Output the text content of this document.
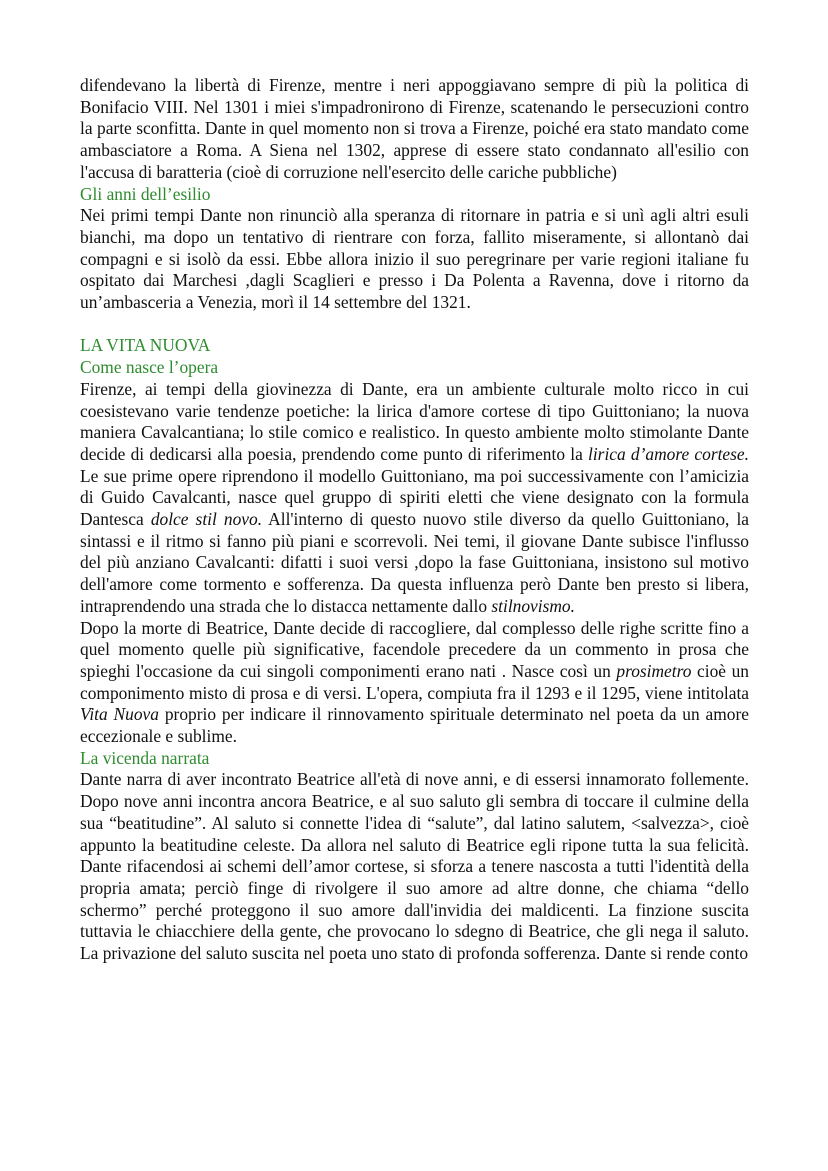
difendevano la libertà di Firenze, mentre i neri appoggiavano sempre di più la politica di Bonifacio VIII. Nel 1301 i miei s'impadronirono di Firenze, scatenando le persecuzioni contro la parte sconfitta. Dante in quel momento non si trova a Firenze, poiché era stato mandato come ambasciatore a Roma. A Siena nel 1302, apprese di essere stato condannato all'esilio con l'accusa di baratteria (cioè di corruzione nell'esercito delle cariche pubbliche)

Gli anni dell’esilio

Nei primi tempi Dante non rinunciò alla speranza di ritornare in patria e si unì agli altri esuli bianchi, ma dopo un tentativo di rientrare con forza, fallito miseramente, si allontanò dai compagni e si isolò da essi. Ebbe allora inizio il suo peregrinare per varie regioni italiane fu ospitato dai Marchesi ,dagli Scaglieri e presso i Da Polenta a Ravenna, dove i ritorno da un’ambasceria a Venezia, morì il 14 settembre del 1321.

LA VITA NUOVA
Come nasce l’opera

Firenze, ai tempi della giovinezza di Dante, era un ambiente culturale molto ricco in cui coesistevano varie tendenze poetiche: la lirica d'amore cortese di tipo Guittoniano; la nuova maniera Cavalcantiana; lo stile comico e realistico. In questo ambiente molto stimolante Dante decide di dedicarsi alla poesia, prendendo come punto di riferimento la lirica d’amore cortese. Le sue prime opere riprendono il modello Guittoniano, ma poi successivamente con l’amicizia di Guido Cavalcanti, nasce quel gruppo di spiriti eletti che viene designato con la formula Dantesca dolce stil novo. All'interno di questo nuovo stile diverso da quello Guittoniano, la sintassi e il ritmo si fanno più piani e scorrevoli. Nei temi, il giovane Dante subisce l'influsso del più anziano Cavalcanti: difatti i suoi versi ,dopo la fase Guittoniana, insistono sul motivo dell'amore come tormento e sofferenza. Da questa influenza però Dante ben presto si libera, intraprendendo una strada che lo distacca nettamente dallo stilnovismo.

Dopo la morte di Beatrice, Dante decide di raccogliere, dal complesso delle righe scritte fino a quel momento quelle più significative, facendole precedere da un commento in prosa che spieghi l'occasione da cui singoli componimenti erano nati . Nasce così un prosimetro cioè un componimento misto di prosa e di versi. L'opera, compiuta fra il 1293 e il 1295, viene intitolata Vita Nuova proprio per indicare il rinnovamento spirituale determinato nel poeta da un amore eccezionale e sublime.

La vicenda narrata

Dante narra di aver incontrato Beatrice all'età di nove anni, e di essersi innamorato follemente. Dopo nove anni incontra ancora Beatrice, e al suo saluto gli sembra di toccare il culmine della sua “beatitudine”. Al saluto si connette l'idea di “salute”, dal latino salutem, <salvezza>, cioè appunto la beatitudine celeste. Da allora nel saluto di Beatrice egli ripone tutta la sua felicità. Dante rifacendosi ai schemi dell’amor cortese, si sforza a tenere nascosta a tutti l'identità della propria amata; perciò finge di rivolgere il suo amore ad altre donne, che chiama “dello schermo” perché proteggono il suo amore dall'invidia dei maldicenti. La finzione suscita tuttavia le chiacchiere della gente, che provocano lo sdegno di Beatrice, che gli nega il saluto. La privazione del saluto suscita nel poeta uno stato di profonda sofferenza. Dante si rende conto
